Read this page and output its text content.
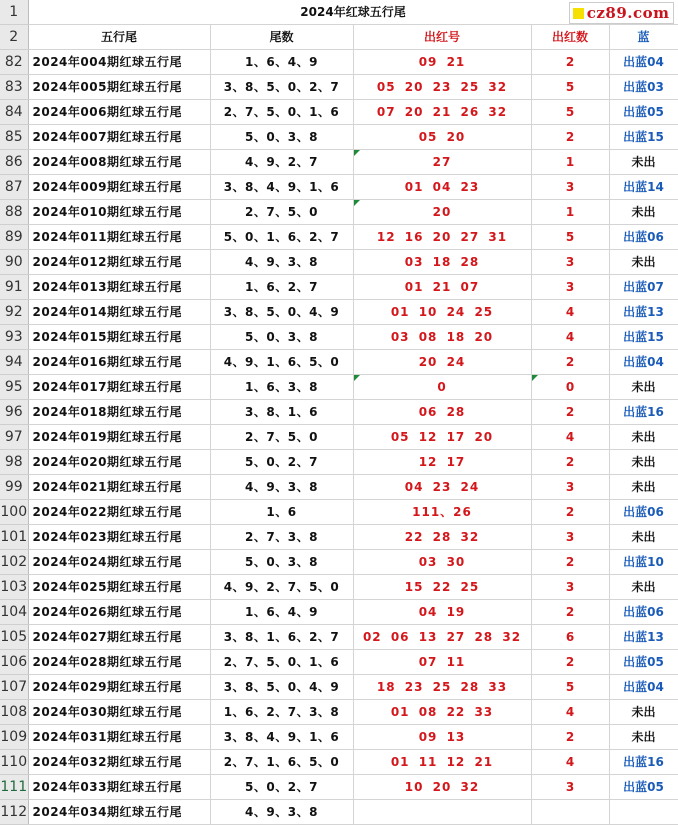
1	2024年红球五行尾 cz89.com				

2	五行尾	尾数	出红号	出红数	蓝
82	2024年004期红球五行尾	1、6、4、9	09 21	2	出蓝04
83	2024年005期红球五行尾	3、8、5、0、2、7	05 20 23 25 32	5	出蓝03
84	2024年006期红球五行尾	2、7、5、0、1、6	07 20 21 26 32	5	出蓝05
85	2024年007期红球五行尾	5、0、3、8	05 20	2	出蓝15
86	2024年008期红球五行尾	4、9、2、7	27	1	未出
87	2024年009期红球五行尾	3、8、4、9、1、6	01 04 23	3	出蓝14
88	2024年010期红球五行尾	2、7、5、0	20	1	未出
89	2024年011期红球五行尾	5、0、1、6、2、7	12 16 20 27 31	5	出蓝06
90	2024年012期红球五行尾	4、9、3、8	03 18 28	3	未出
91	2024年013期红球五行尾	1、6、2、7	01 21 07	3	出蓝07
92	2024年014期红球五行尾	3、8、5、0、4、9	01 10 24 25	4	出蓝13
93	2024年015期红球五行尾	5、0、3、8	03 08 18 20	4	出蓝15
94	2024年016期红球五行尾	4、9、1、6、5、0	20 24	2	出蓝04
95	2024年017期红球五行尾	1、6、3、8	0	0	未出
96	2024年018期红球五行尾	3、8、1、6	06 28	2	出蓝16
97	2024年019期红球五行尾	2、7、5、0	05 12 17 20	4	未出
98	2024年020期红球五行尾	5、0、2、7	12 17	2	未出
99	2024年021期红球五行尾	4、9、3、8	04 23 24	3	未出
100	2024年022期红球五行尾	1、6	111、26	2	出蓝06
101	2024年023期红球五行尾	2、7、3、8	22 28 32	3	未出
102	2024年024期红球五行尾	5、0、3、8	03 30	2	出蓝10
103	2024年025期红球五行尾	4、9、2、7、5、0	15 22 25	3	未出
104	2024年026期红球五行尾	1、6、4、9	04 19	2	出蓝06
105	2024年027期红球五行尾	3、8、1、6、2、7	02 06 13 27 28 32	6	出蓝13
106	2024年028期红球五行尾	2、7、5、0、1、6	07 11	2	出蓝05
107	2024年029期红球五行尾	3、8、5、0、4、9	18 23 25 28 33	5	出蓝04
108	2024年030期红球五行尾	1、6、2、7、3、8	01 08 22 33	4	未出
109	2024年031期红球五行尾	3、8、4、9、1、6	09 13	2	未出
110	2024年032期红球五行尾	2、7、1、6、5、0	01 11 12 21	4	出蓝16
111	2024年033期红球五行尾	5、0、2、7	10 20 32	3	出蓝05
112	2024年034期红球五行尾	4、9、3、8			
